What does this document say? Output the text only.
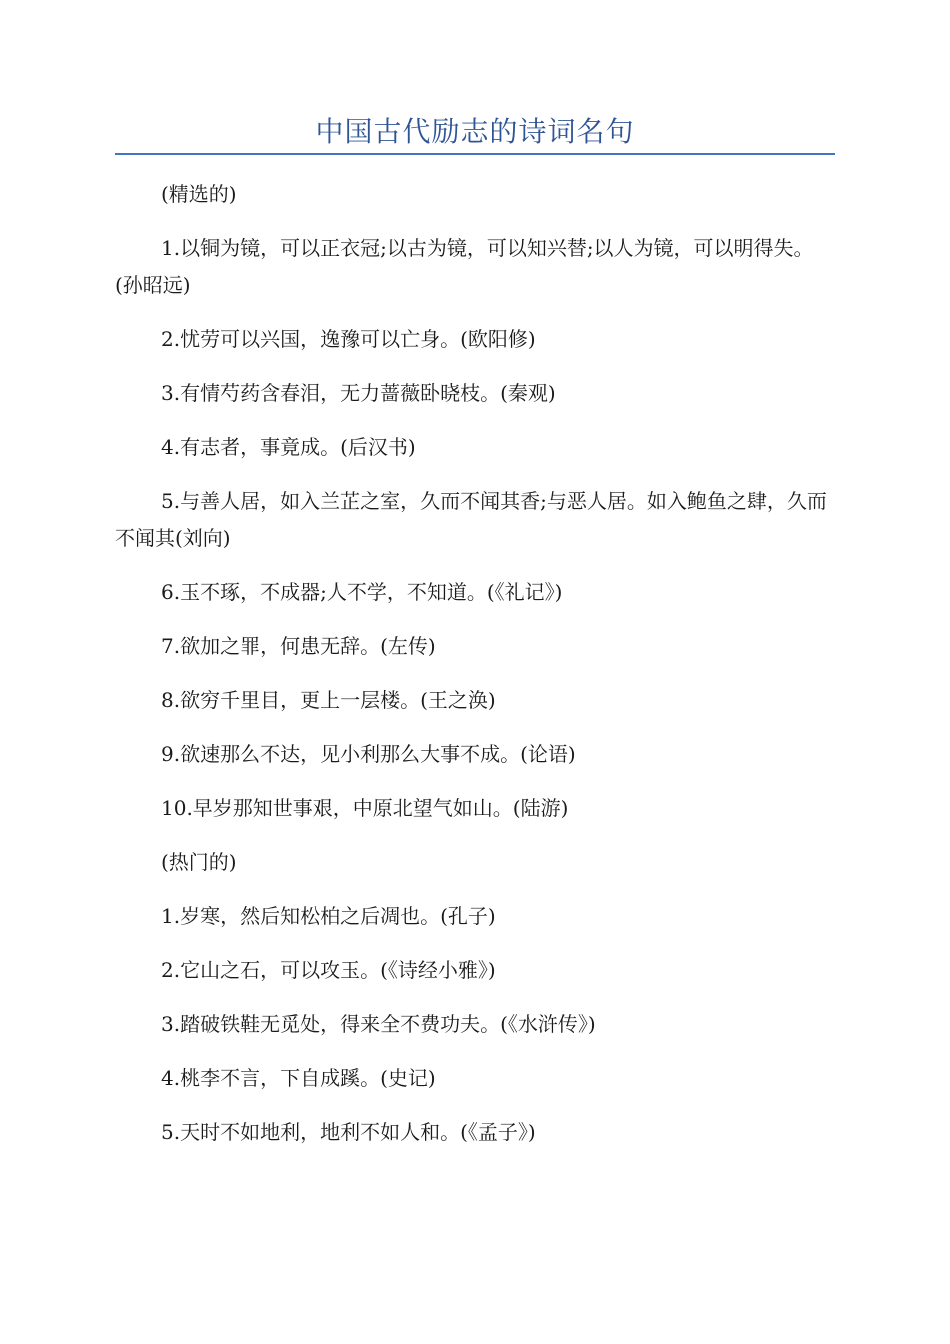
中国古代励志的诗词名句

(精选的)

1.以铜为镜，可以正衣冠;以古为镜，可以知兴替;以人为镜，可以明得失。(孙昭远)

2.忧劳可以兴国，逸豫可以亡身。(欧阳修)

3.有情芍药含春泪，无力蔷薇卧晓枝。(秦观)

4.有志者，事竟成。(后汉书)

5.与善人居，如入兰芷之室，久而不闻其香;与恶人居。如入鲍鱼之肆，久而不闻其(刘向)

6.玉不琢，不成器;人不学，不知道。(《礼记》)

7.欲加之罪，何患无辞。(左传)

8.欲穷千里目，更上一层楼。(王之涣)

9.欲速那么不达，见小利那么大事不成。(论语)

10.早岁那知世事艰，中原北望气如山。(陆游)

(热门的)

1.岁寒，然后知松柏之后凋也。(孔子)

2.它山之石，可以攻玉。(《诗经小雅》)

3.踏破铁鞋无觅处，得来全不费功夫。(《水浒传》)

4.桃李不言，下自成蹊。(史记)

5.天时不如地利，地利不如人和。(《孟子》)
